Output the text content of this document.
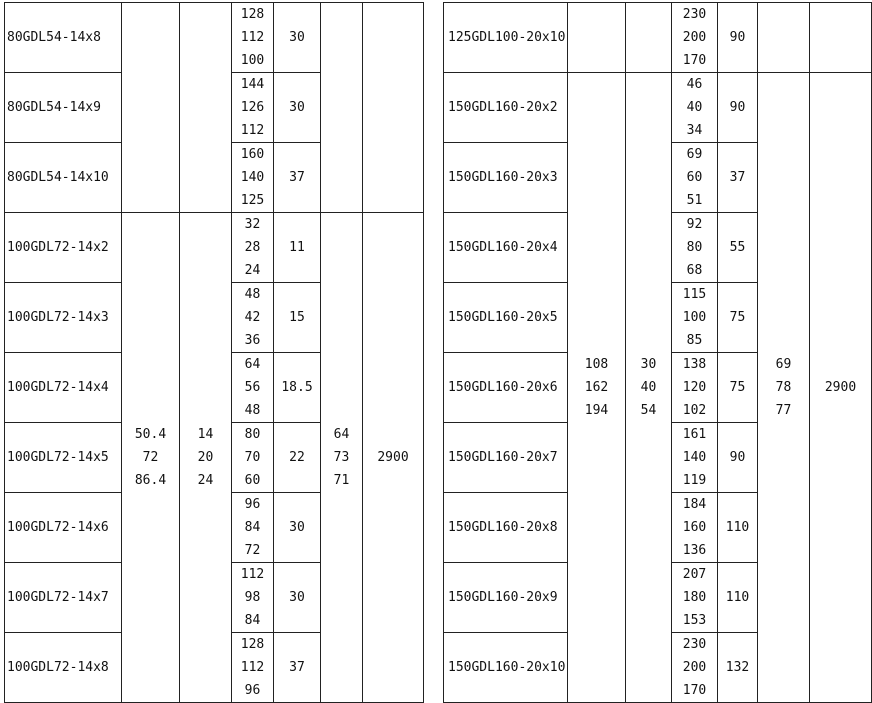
80GDL54-14x8			128
112
100	30		
80GDL54-14x9			144
126
112	30		
80GDL54-14x10			160
140
125	37		
100GDL72-14x2	50.4
72
86.4	14
20
24	32
28
24	11	64
73
71	2900
100GDL72-14x3			48
42
36	15		
100GDL72-14x4			64
56
48	18.5		
100GDL72-14x5			80
70
60	22		
100GDL72-14x6			96
84
72	30		
100GDL72-14x7			112
98
84	30		
100GDL72-14x8			128
112
96	37		
125GDL100-20x10			230
200
170	90		
150GDL160-20x2	108
162
194	30
40
54	46
40
34	90	69
78
77	2900
150GDL160-20x3			69
60
51	37		
150GDL160-20x4			92
80
68	55		
150GDL160-20x5			115
100
85	75		
150GDL160-20x6			138
120
102	75		
150GDL160-20x7			161
140
119	90		
150GDL160-20x8			184
160
136	110		
150GDL160-20x9			207
180
153	110		
150GDL160-20x10			230
200
170	132		
